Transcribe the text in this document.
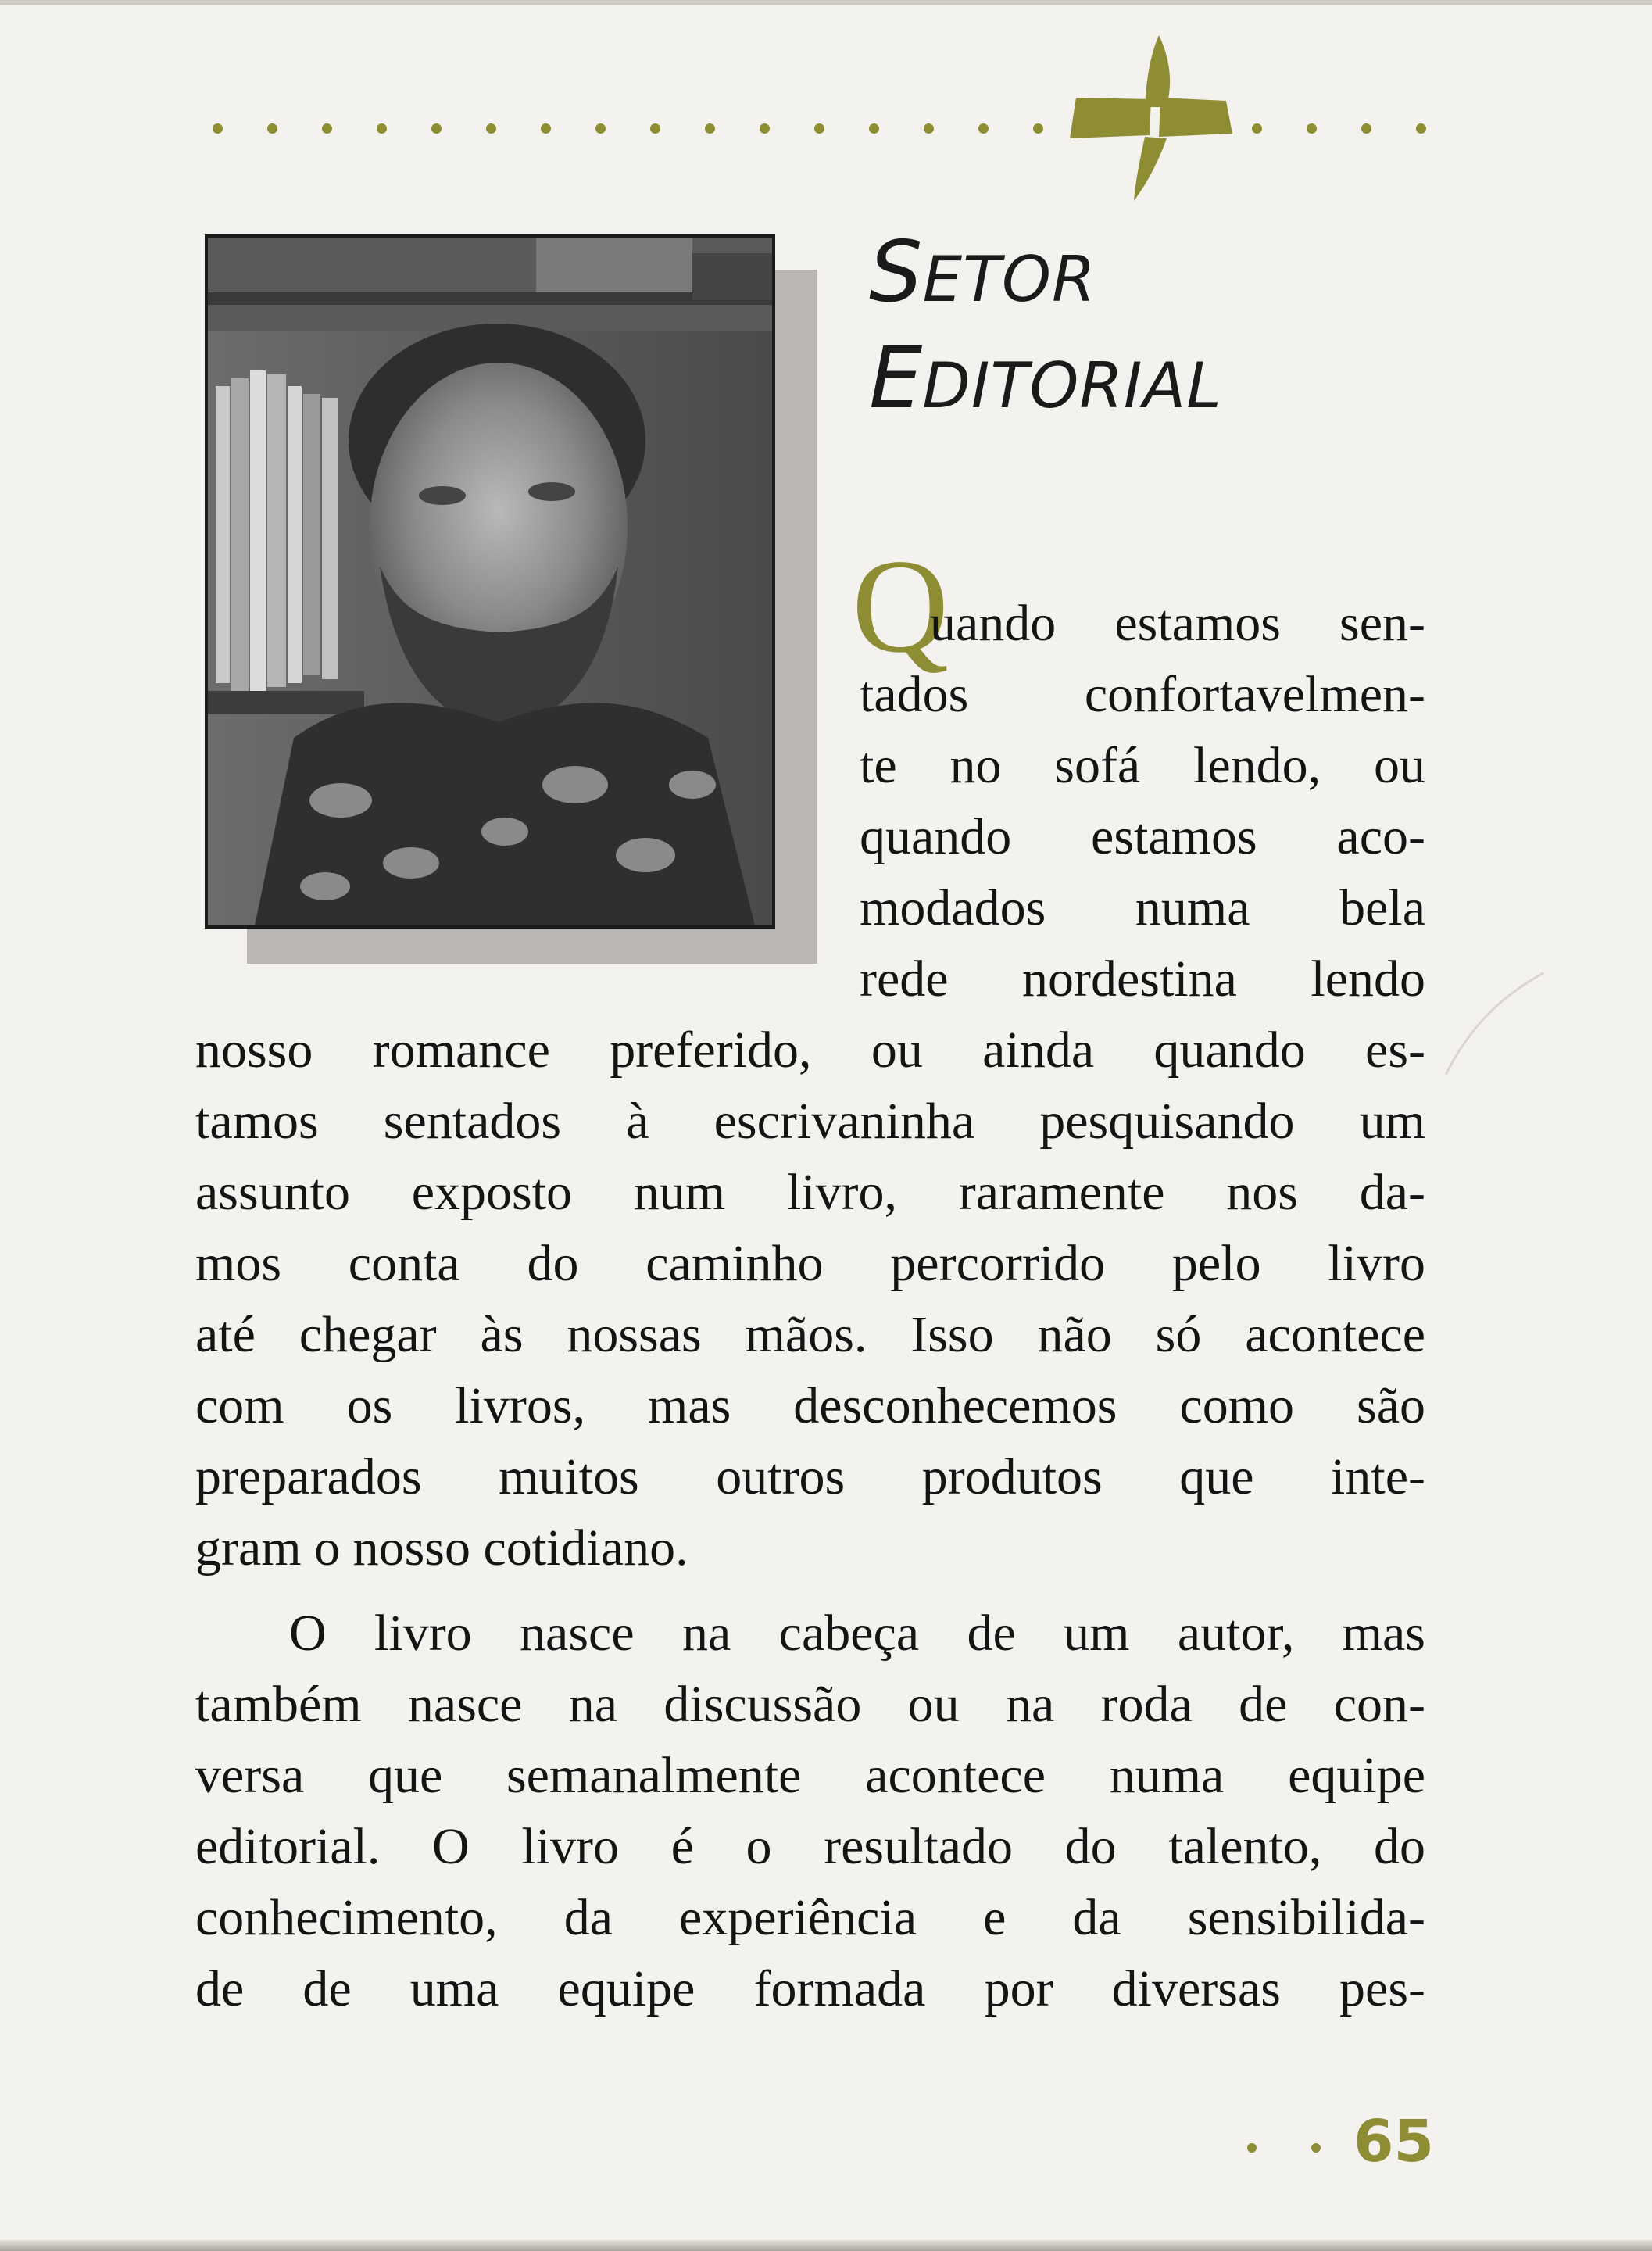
SETOR
EDITORIAL
Q

uando estamos sen-

tados confortavelmen-

te no sofá lendo, ou

quando estamos aco-

modados numa bela

rede nordestina lendo

nosso romance preferido, ou ainda quando es-

tamos sentados à escrivaninha pesquisando um

assunto exposto num livro, raramente nos da-

mos conta do caminho percorrido pelo livro

até chegar às nossas mãos. Isso não só acontece

com os livros, mas desconhecemos como são

preparados muitos outros produtos que inte-

gram o nosso cotidiano.

O livro nasce na cabeça de um autor, mas

também nasce na discussão ou na roda de con-

versa que semanalmente acontece numa equipe

editorial. O livro é o resultado do talento, do

conhecimento, da experiência e da sensibilida-

de de uma equipe formada por diversas pes-

65
